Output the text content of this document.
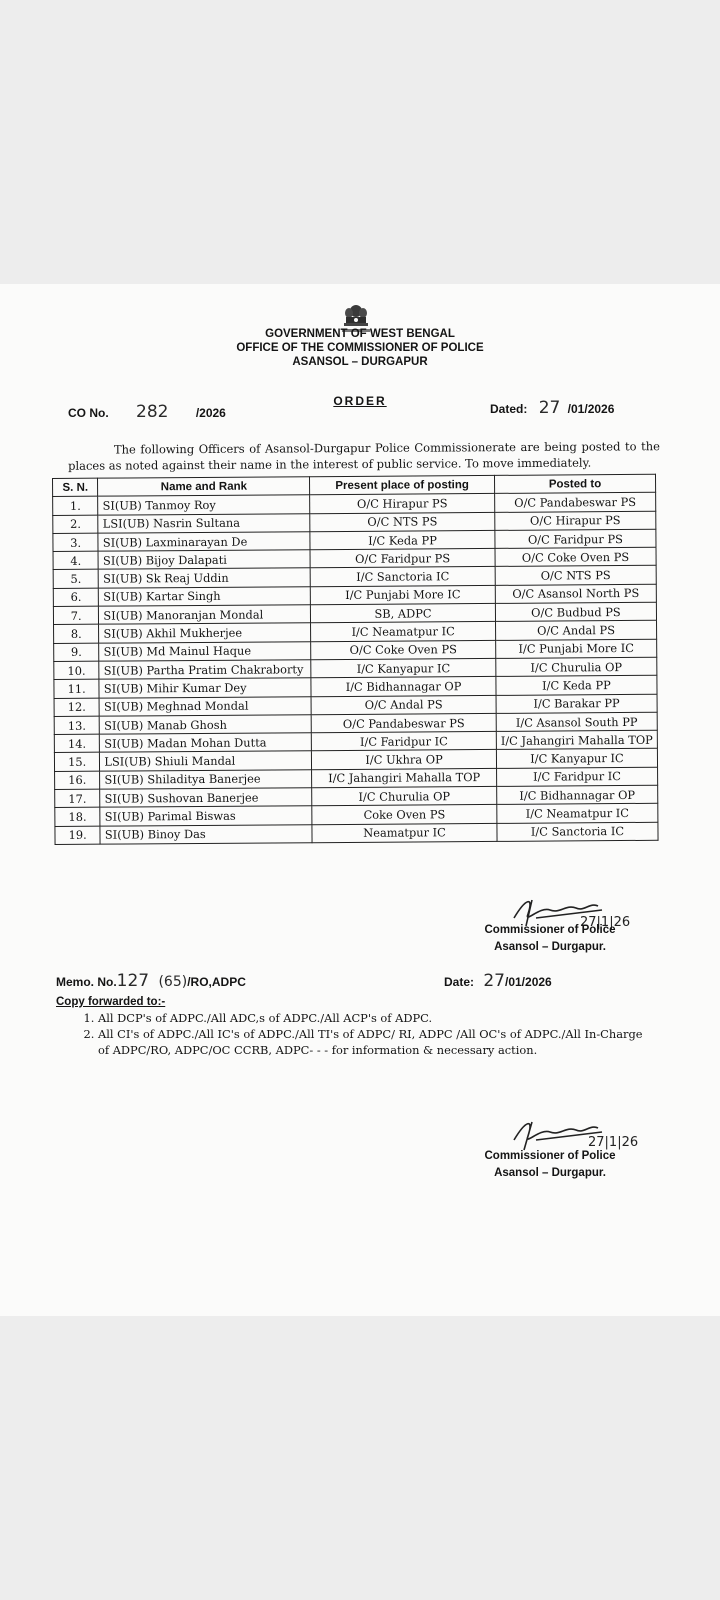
GOVERNMENT OF WEST BENGAL
OFFICE OF THE COMMISSIONER OF POLICE
ASANSOL – DURGAPUR
ORDER
CO No. 282 /2026	Dated: 27 /01/2026
The following Officers of Asansol-Durgapur Police Commissionerate are being posted to the places as noted against their name in the interest of public service. To move immediately.
S. N.	Name and Rank	Present place of posting	Posted to
1.	SI(UB) Tanmoy Roy	O/C Hirapur PS	O/C Pandabeswar PS
2.	LSI(UB) Nasrin Sultana	O/C NTS PS	O/C Hirapur PS
3.	SI(UB) Laxminarayan De	I/C Keda PP	O/C Faridpur PS
4.	SI(UB) Bijoy Dalapati	O/C Faridpur PS	O/C Coke Oven PS
5.	SI(UB) Sk Reaj Uddin	I/C Sanctoria IC	O/C NTS PS
6.	SI(UB) Kartar Singh	I/C Punjabi More IC	O/C Asansol North PS
7.	SI(UB) Manoranjan Mondal	SB, ADPC	O/C Budbud PS
8.	SI(UB) Akhil Mukherjee	I/C Neamatpur IC	O/C Andal PS
9.	SI(UB) Md Mainul Haque	O/C Coke Oven PS	I/C Punjabi More IC
10.	SI(UB) Partha Pratim Chakraborty	I/C Kanyapur IC	I/C Churulia OP
11.	SI(UB) Mihir Kumar Dey	I/C Bidhannagar OP	I/C Keda PP
12.	SI(UB) Meghnad Mondal	O/C Andal PS	I/C Barakar PP
13.	SI(UB) Manab Ghosh	O/C Pandabeswar PS	I/C Asansol South PP
14.	SI(UB) Madan Mohan Dutta	I/C Faridpur IC	I/C Jahangiri Mahalla TOP
15.	LSI(UB) Shiuli Mandal	I/C Ukhra OP	I/C Kanyapur IC
16.	SI(UB) Shiladitya Banerjee	I/C Jahangiri Mahalla TOP	I/C Faridpur IC
17.	SI(UB) Sushovan Banerjee	I/C Churulia OP	I/C Bidhannagar OP
18.	SI(UB) Parimal Biswas	Coke Oven PS	I/C Neamatpur IC
19.	SI(UB) Binoy Das	Neamatpur IC	I/C Sanctoria IC
27|1|26
Commissioner of Police
Asansol – Durgapur.
Memo. No.127 (65)/RO,ADPC	Date: 27/01/2026
Copy forwarded to:-
1. All DCP's of ADPC./All ADC,s of ADPC./All ACP's of ADPC.
2. All CI's of ADPC./All IC's of ADPC./All TI's of ADPC/ RI, ADPC /All OC's of ADPC./All In-Charge of ADPC/RO, ADPC/OC CCRB, ADPC- - - for information & necessary action.
27|1|26
Commissioner of Police
Asansol – Durgapur.
